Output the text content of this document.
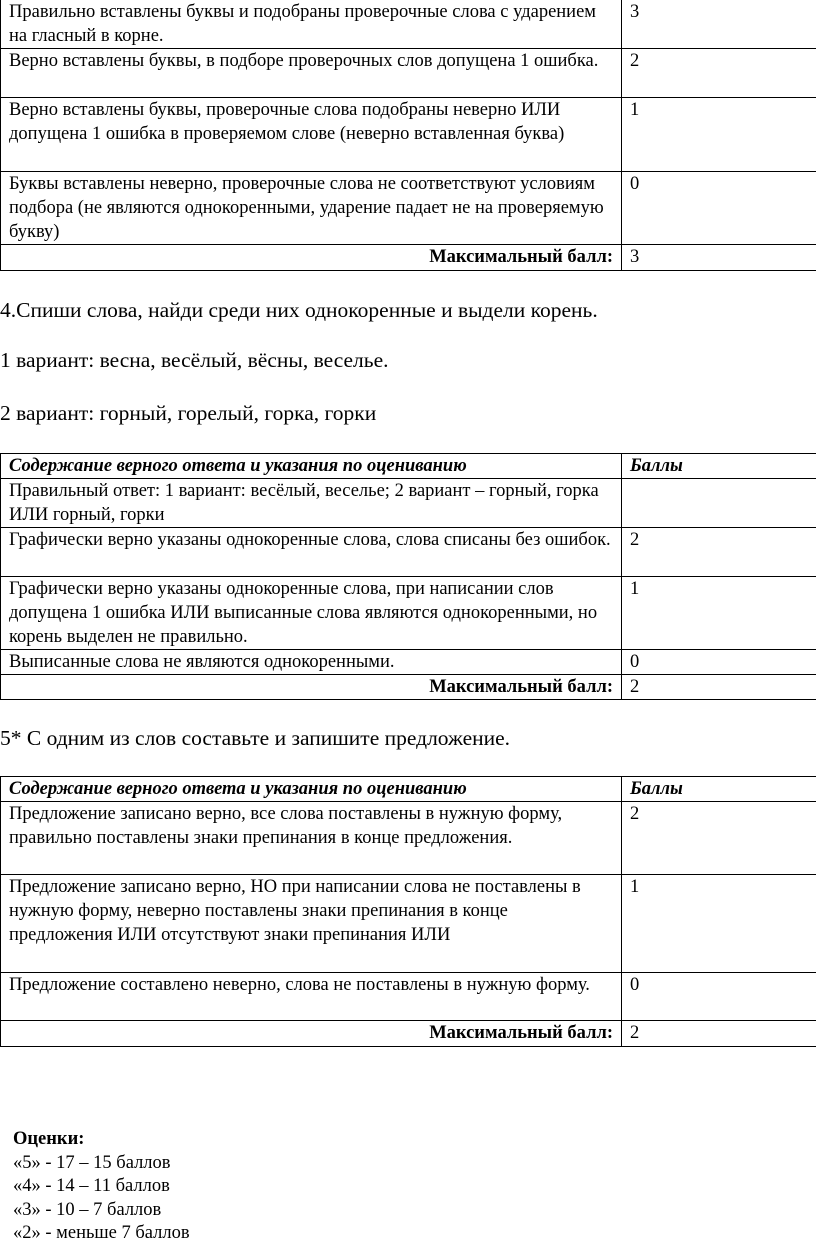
Правильно вставлены буквы и подобраны проверочные слова с ударением на гласный в корне.	3
Верно вставлены буквы, в подборе проверочных слов допущена 1 ошибка.	2
Верно вставлены буквы, проверочные слова подобраны неверно ИЛИ допущена 1 ошибка в проверяемом слове (неверно вставленная буква)	1
Буквы вставлены неверно, проверочные слова не соответствуют условиям подбора (не являются однокоренными, ударение падает не на проверяемую букву)	0
Максимальный балл:	3

4.Спиши слова, найди среди них однокоренные и выдели корень.

1 вариант: весна, весёлый, вёсны, веселье.

2 вариант: горный, горелый, горка, горки

Содержание верного ответа и указания по оцениванию	Баллы
Правильный ответ: 1 вариант: весёлый, веселье; 2 вариант – горный, горка ИЛИ горный, горки	
Графически верно указаны однокоренные слова, слова списаны без ошибок.	2
Графически верно указаны однокоренные слова, при написании слов допущена 1 ошибка ИЛИ выписанные слова являются однокоренными, но корень выделен не правильно.	1
Выписанные слова не являются однокоренными.	0
Максимальный балл:	2

5* С одним из слов составьте и запишите предложение.

Содержание верного ответа и указания по оцениванию	Баллы
Предложение записано верно, все слова поставлены в нужную форму, правильно поставлены знаки препинания в конце предложения.	2
Предложение записано верно, НО при написании слова не поставлены в нужную форму, неверно поставлены знаки препинания в конце предложения ИЛИ отсутствуют знаки препинания ИЛИ	1
Предложение составлено неверно, слова не поставлены в нужную форму.	0
Максимальный балл:	2
Оценки:
«5» - 17 – 15 баллов
«4» - 14 – 11 баллов
«3» - 10 – 7 баллов
«2» - меньше 7 баллов
